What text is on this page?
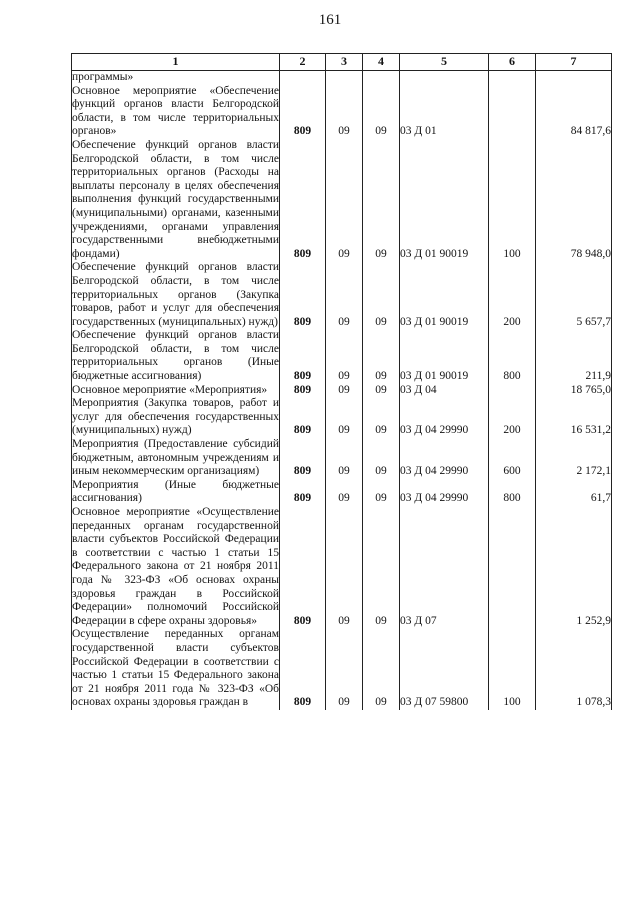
161
1	2	3	4	5	6	7

программы»						

Основное мероприятие «Обеспечение функций органов власти Белгородской области, в том числе территориальных органов»	809	09	09	03 Д 01		84 817,6

Обеспечение функций органов власти Белгородской области, в том числе территориальных органов (Расходы на выплаты персоналу в целях обеспечения выполнения функций государственными (муниципальными) органами, казенными учреждениями, органами управления государственными внебюджетными фондами)	809	09	09	03 Д 01 90019	100	78 948,0

Обеспечение функций органов власти Белгородской области, в том числе территориальных органов (Закупка товаров, работ и услуг для обеспечения государственных (муниципальных) нужд)	809	09	09	03 Д 01 90019	200	5 657,7

Обеспечение функций органов власти Белгородской области, в том числе территориальных органов (Иные бюджетные ассигнования)	809	09	09	03 Д 01 90019	800	211,9

Основное мероприятие «Мероприятия»	809	09	09	03 Д 04		18 765,0

Мероприятия (Закупка товаров, работ и услуг для обеспечения государственных (муниципальных) нужд)	809	09	09	03 Д 04 29990	200	16 531,2

Мероприятия (Предоставление субсидий бюджетным, автономным учреждениям и иным некоммерческим организациям)	809	09	09	03 Д 04 29990	600	2 172,1

Мероприятия (Иные бюджетные ассигнования)	809	09	09	03 Д 04 29990	800	61,7

Основное мероприятие «Осуществление переданных органам государственной власти субъектов Российской Федерации в соответствии с частью 1 статьи 15 Федерального закона от 21 ноября 2011 года № 323-ФЗ «Об основах охраны здоровья граждан в Российской Федерации» полномочий Российской Федерации в сфере охраны здоровья»	809	09	09	03 Д 07		1 252,9

Осуществление переданных органам государственной власти субъектов Российской Федерации в соответствии с частью 1 статьи 15 Федерального закона от 21 ноября 2011 года № 323-ФЗ «Об основах охраны здоровья граждан в	809	09	09	03 Д 07 59800	100	1 078,3
